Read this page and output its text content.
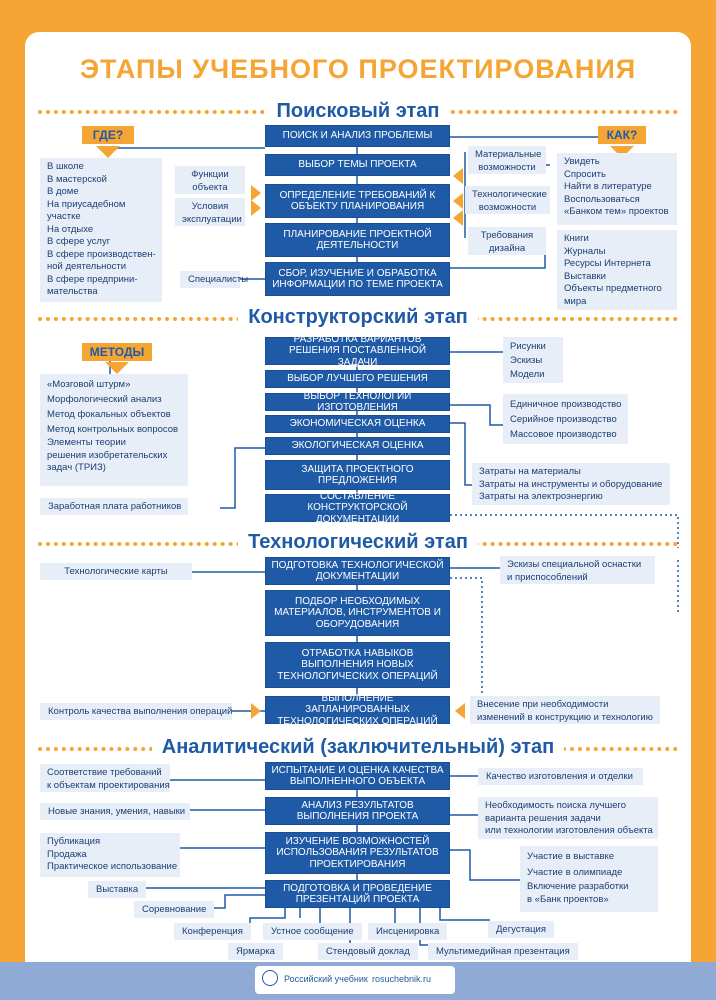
ЭТАПЫ УЧЕБНОГО ПРОЕКТИРОВАНИЯ
Поисковый этап
Конструкторский этап
Технологический этап
Аналитический (заключительный) этап
ГДЕ?	КАК?
ПОИСК И АНАЛИЗ ПРОБЛЕМЫ
ВЫБОР ТЕМЫ ПРОЕКТА
ОПРЕДЕЛЕНИЕ ТРЕБОВАНИЙ К ОБЪЕКТУ ПЛАНИРОВАНИЯ
ПЛАНИРОВАНИЕ ПРОЕКТНОЙ ДЕЯТЕЛЬНОСТИ
СБОР, ИЗУЧЕНИЕ И ОБРАБОТКА ИНФОРМАЦИИ ПО ТЕМЕ ПРОЕКТА
В школе
В мастерской
В доме
На приусадебном
участке
На отдыхе
В сфере услуг
В сфере производствен-
ной деятельности
В сфере предприни-
мательства
Функции
объекта
Условия
эксплуатации
Специалисты
Материальные
возможности
Технологические
возможности
Требования
дизайна
Увидеть
Спросить
Найти в литературе
Воспользоваться
«Банком тем» проектов
Книги
Журналы
Ресурсы Интернета
Выставки
Объекты предметного
мира
МЕТОДЫ
РАЗРАБОТКА ВАРИАНТОВ РЕШЕНИЯ ПОСТАВЛЕННОЙ ЗАДАЧИ
ВЫБОР ЛУЧШЕГО РЕШЕНИЯ
ВЫБОР ТЕХНОЛОГИИ ИЗГОТОВЛЕНИЯ
ЭКОНОМИЧЕСКАЯ ОЦЕНКА
ЭКОЛОГИЧЕСКАЯ ОЦЕНКА
ЗАЩИТА ПРОЕКТНОГО ПРЕДЛОЖЕНИЯ
СОСТАВЛЕНИЕ КОНСТРУКТОРСКОЙ ДОКУМЕНТАЦИИ
«Мозговой штурм»
Морфологический анализ
Метод фокальных объектов
Метод контрольных вопросов
Элементы теории
решения изобретательских
задач (ТРИЗ)
Заработная плата работников
Рисунки
Эскизы
Модели
Единичное производство
Серийное производство
Массовое производство
Затраты на материалы
Затраты на инструменты и оборудование
Затраты на электроэнергию
ПОДГОТОВКА ТЕХНОЛОГИЧЕСКОЙ ДОКУМЕНТАЦИИ
ПОДБОР НЕОБХОДИМЫХ МАТЕРИАЛОВ, ИНСТРУМЕНТОВ И ОБОРУДОВАНИЯ
ОТРАБОТКА НАВЫКОВ ВЫПОЛНЕНИЯ НОВЫХ ТЕХНОЛОГИЧЕСКИХ ОПЕРАЦИЙ
ВЫПОЛНЕНИЕ ЗАПЛАНИРОВАННЫХ ТЕХНОЛОГИЧЕСКИХ ОПЕРАЦИЙ
Технологические карты
Эскизы специальной оснастки
и приспособлений
Контроль качества выполнения операций
Внесение при необходимости
изменений в конструкцию и технологию
ИСПЫТАНИЕ И ОЦЕНКА КАЧЕСТВА ВЫПОЛНЕННОГО ОБЪЕКТА
АНАЛИЗ РЕЗУЛЬТАТОВ ВЫПОЛНЕНИЯ ПРОЕКТА
ИЗУЧЕНИЕ ВОЗМОЖНОСТЕЙ ИСПОЛЬЗОВАНИЯ РЕЗУЛЬТАТОВ ПРОЕКТИРОВАНИЯ
ПОДГОТОВКА И ПРОВЕДЕНИЕ ПРЕЗЕНТАЦИЙ ПРОЕКТА
Соответствие требований
к объектам проектирования
Новые знания, умения, навыки
Публикация
Продажа
Практическое использование
Качество изготовления и отделки
Необходимость поиска лучшего
варианта решения задачи
или технологии изготовления объекта
Участие в выставке
Участие в олимпиаде
Включение разработки
в «Банк проектов»
Выставка
Соревнование
Конференция
Ярмарка
Устное сообщение
Стендовый доклад
Инсценировка
Мультимедийная презентация
Дегустация
Российский учебник rosuchebnik.ru
